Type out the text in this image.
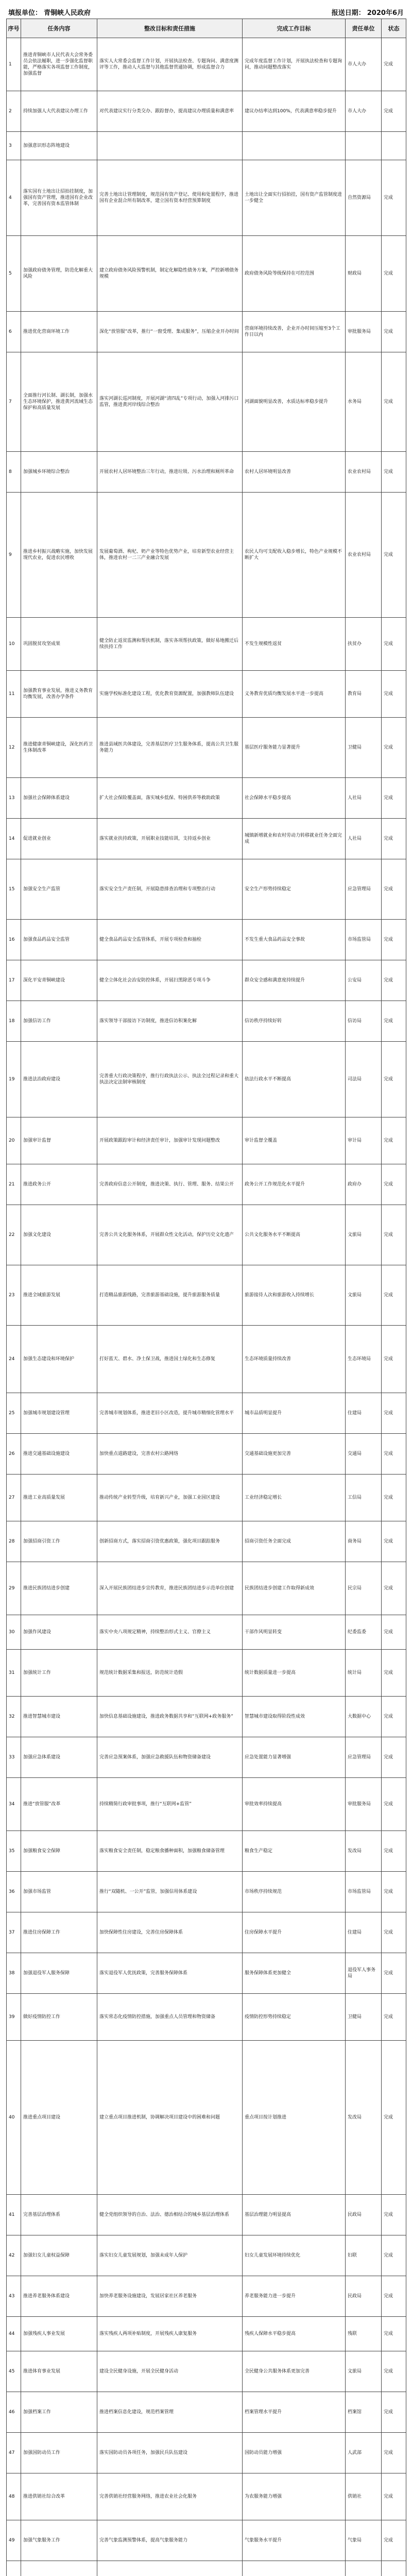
填报单位： 青铜峡人民政府	报送日期： 2020年6月
序号	任务内容	整改目标和责任措施	完成工作目标	责任单位	状态
1	推进青铜峡市人民代表大会常务委员会依法履职，进一步强化监督职能，严格落实各项监督工作制度，加强监督	落实人大常委会监督工作计划，开展执法检查、专题询问、满意度测评等工作，推动人大监督与其他监督贯通协调，形成监督合力	完成年度监督工作计划，开展执法检查和专题询问，推动问题整改落实	市人大办	完成
2	持续加强人大代表建议办理工作	对代表建议实行分类交办、跟踪督办，提高建议办理质量和满意率	建议办结率达到100%，代表满意率稳步提升	市人大办	完成
3	加强意识形态阵地建设				
4	落实国有土地出让招拍挂制度，加强国有资产管理，推进国有企业改革，完善国有资本监管体制	完善土地出让管理制度，规范国有资产登记、使用和处置程序，推进国有企业混合所有制改革，建立国有资本经营预算制度	土地出让全面实行招拍挂，国有资产监管制度进一步健全	自然资源局	完成
5	加强政府债务管理，防范化解重大风险	建立政府债务风险预警机制，制定化解隐性债务方案，严控新增债务规模	政府债务风险等级保持在可控范围	财政局	完成
6	推进优化营商环境工作	深化“放管服”改革，推行“一窗受理、集成服务”，压缩企业开办时间	营商环境持续改善，企业开办时间压缩至3个工作日以内	审批服务局	完成
7	全面推行河长制、湖长制，加强水生态环境保护，推进黄河流域生态保护和高质量发展	落实河湖长巡河制度，开展河湖“清四乱”专项行动，加强入河排污口监管，推进黄河岸线综合整治	河湖面貌明显改善，水质达标率稳步提升	水务局	完成
8	加强城乡环境综合整治	开展农村人居环境整治三年行动，推进垃圾、污水治理和厕所革命	农村人居环境明显改善	农业农村局	完成
9	推进乡村振兴战略实施，加快发展现代农业，促进农民增收	发展葡萄酒、枸杞、奶产业等特色优势产业，培育新型农业经营主体，推进农村一二三产业融合发展	农民人均可支配收入稳步增长，特色产业规模不断扩大	农业农村局	完成
10	巩固脱贫攻坚成果	健全防止返贫监测和帮扶机制，落实各项帮扶政策，做好易地搬迁后续扶持工作	不发生规模性返贫	扶贫办	完成
11	加强教育事业发展，推进义务教育均衡发展，改善办学条件	实施学校标准化建设工程，优化教育资源配置，加强教师队伍建设	义务教育优质均衡发展水平进一步提高	教育局	完成
12	推进健康青铜峡建设，深化医药卫生体制改革	推进县域医共体建设，完善基层医疗卫生服务体系，提高公共卫生服务能力	基层医疗服务能力显著提升	卫健局	完成
13	加强社会保障体系建设	扩大社会保险覆盖面，落实城乡低保、特困供养等救助政策	社会保障水平稳步提高	人社局	完成
14	促进就业创业	落实就业扶持政策，开展职业技能培训，支持返乡创业	城镇新增就业和农村劳动力转移就业任务全面完成	人社局	完成
15	加强安全生产监管	落实安全生产责任制，开展隐患排查治理和专项整治行动	安全生产形势持续稳定	应急管理局	完成
16	加强食品药品安全监管	健全食品药品安全监管体系，开展专项检查和抽检	不发生重大食品药品安全事故	市场监管局	完成
17	深化平安青铜峡建设	健全立体化社会治安防控体系，开展扫黑除恶专项斗争	群众安全感和满意度持续提升	公安局	完成
18	加强信访工作	落实领导干部接访下访制度，推进信访积案化解	信访秩序持续好转	信访局	完成
19	推进法治政府建设	完善重大行政决策程序，推行行政执法公示、执法全过程记录和重大执法决定法制审核制度	依法行政水平不断提高	司法局	完成
20	加强审计监督	开展政策跟踪审计和经济责任审计，加强审计发现问题整改	审计监督全覆盖	审计局	完成
21	推进政务公开	完善政府信息公开制度，推进决策、执行、管理、服务、结果公开	政务公开工作规范化水平提升	政府办	完成
22	加强文化建设	完善公共文化服务体系，开展群众性文化活动，保护历史文化遗产	公共文化服务水平不断提高	文旅局	完成
23	推进全域旅游发展	打造精品旅游线路，完善旅游基础设施，提升旅游服务质量	旅游接待人次和旅游收入持续增长	文旅局	完成
24	加强生态建设和环境保护	打好蓝天、碧水、净土保卫战，推进国土绿化和生态修复	生态环境质量持续改善	生态环境局	完成
25	加强城市规划建设管理	完善城市规划体系，推进老旧小区改造，提升城市精细化管理水平	城市品质明显提升	住建局	完成
26	推进交通基础设施建设	加快重点道路建设，完善农村公路网络	交通基础设施更加完善	交通局	完成
27	推进工业高质量发展	推动传统产业转型升级，培育新兴产业，加强工业园区建设	工业经济稳定增长	工信局	完成
28	加强招商引资工作	创新招商方式，落实招商引资优惠政策，强化项目跟踪服务	招商引资任务全面完成	商务局	完成
29	推进民族团结进步创建	深入开展民族团结进步宣传教育，推进民族团结进步示范单位创建	民族团结进步创建工作取得新成效	民宗局	完成
30	加强作风建设	落实中央八项规定精神，持续整治形式主义、官僚主义	干部作风明显转变	纪委监委	完成
31	加强统计工作	规范统计数据采集和报送，防范统计造假	统计数据质量进一步提高	统计局	完成
32	推进智慧城市建设	加快信息基础设施建设，推进政务数据共享和“互联网+政务服务”	智慧城市建设取得阶段性成效	大数据中心	完成
33	加强应急体系建设	完善应急预案体系，加强应急救援队伍和物资储备建设	应急处置能力显著增强	应急管理局	完成
34	推进“放管服”改革	持续精简行政审批事项，推行“互联网+监管”	审批效率持续提高	审批服务局	完成
35	加强粮食安全保障	落实粮食安全责任制，稳定粮食播种面积，加强粮食储备管理	粮食生产稳定	发改局	完成
36	加强市场监管	推行“双随机、一公开”监管，加强信用体系建设	市场秩序持续规范	市场监管局	完成
37	推进住房保障工作	加快保障性住房建设，完善住房保障体系	住房保障水平提升	住建局	完成
38	加强退役军人服务保障	落实退役军人优抚政策，完善服务保障体系	服务保障体系更加健全	退役军人事务局	完成
39	做好疫情防控工作	落实常态化疫情防控措施，加强重点人员管理和物资储备	疫情防控形势持续稳定	卫健局	完成
40	推进重点项目建设	建立重点项目推进机制，协调解决项目建设中的困难和问题	重点项目按计划推进	发改局	完成
41	完善基层治理体系	健全党组织领导的自治、法治、德治相结合的城乡基层治理体系	基层治理能力明显提高	民政局	完成
42	加强妇女儿童权益保障	落实妇女儿童发展规划，加强未成年人保护	妇女儿童发展环境持续优化	妇联	完成
43	推进养老服务体系建设	加快养老服务设施建设，发展居家社区养老服务	养老服务能力进一步提升	民政局	完成
44	加强残疾人事业发展	落实残疾人两项补贴制度，开展残疾人康复服务	残疾人保障水平稳步提高	残联	完成
45	推进体育事业发展	建设全民健身设施，开展全民健身活动	全民健身公共服务体系更加完善	文旅局	完成
46	加强档案工作	推进档案信息化建设，规范档案管理	档案管理水平提升	档案馆	完成
47	加强国防动员工作	落实国防动员各项任务，加强民兵队伍建设	国防动员能力增强	人武部	完成
48	推进供销社综合改革	完善供销社经营服务网络，推进农业社会化服务	为农服务能力增强	供销社	完成
49	加强气象服务工作	完善气象监测预警体系，提高气象服务能力	气象服务水平提升	气象局	完成
